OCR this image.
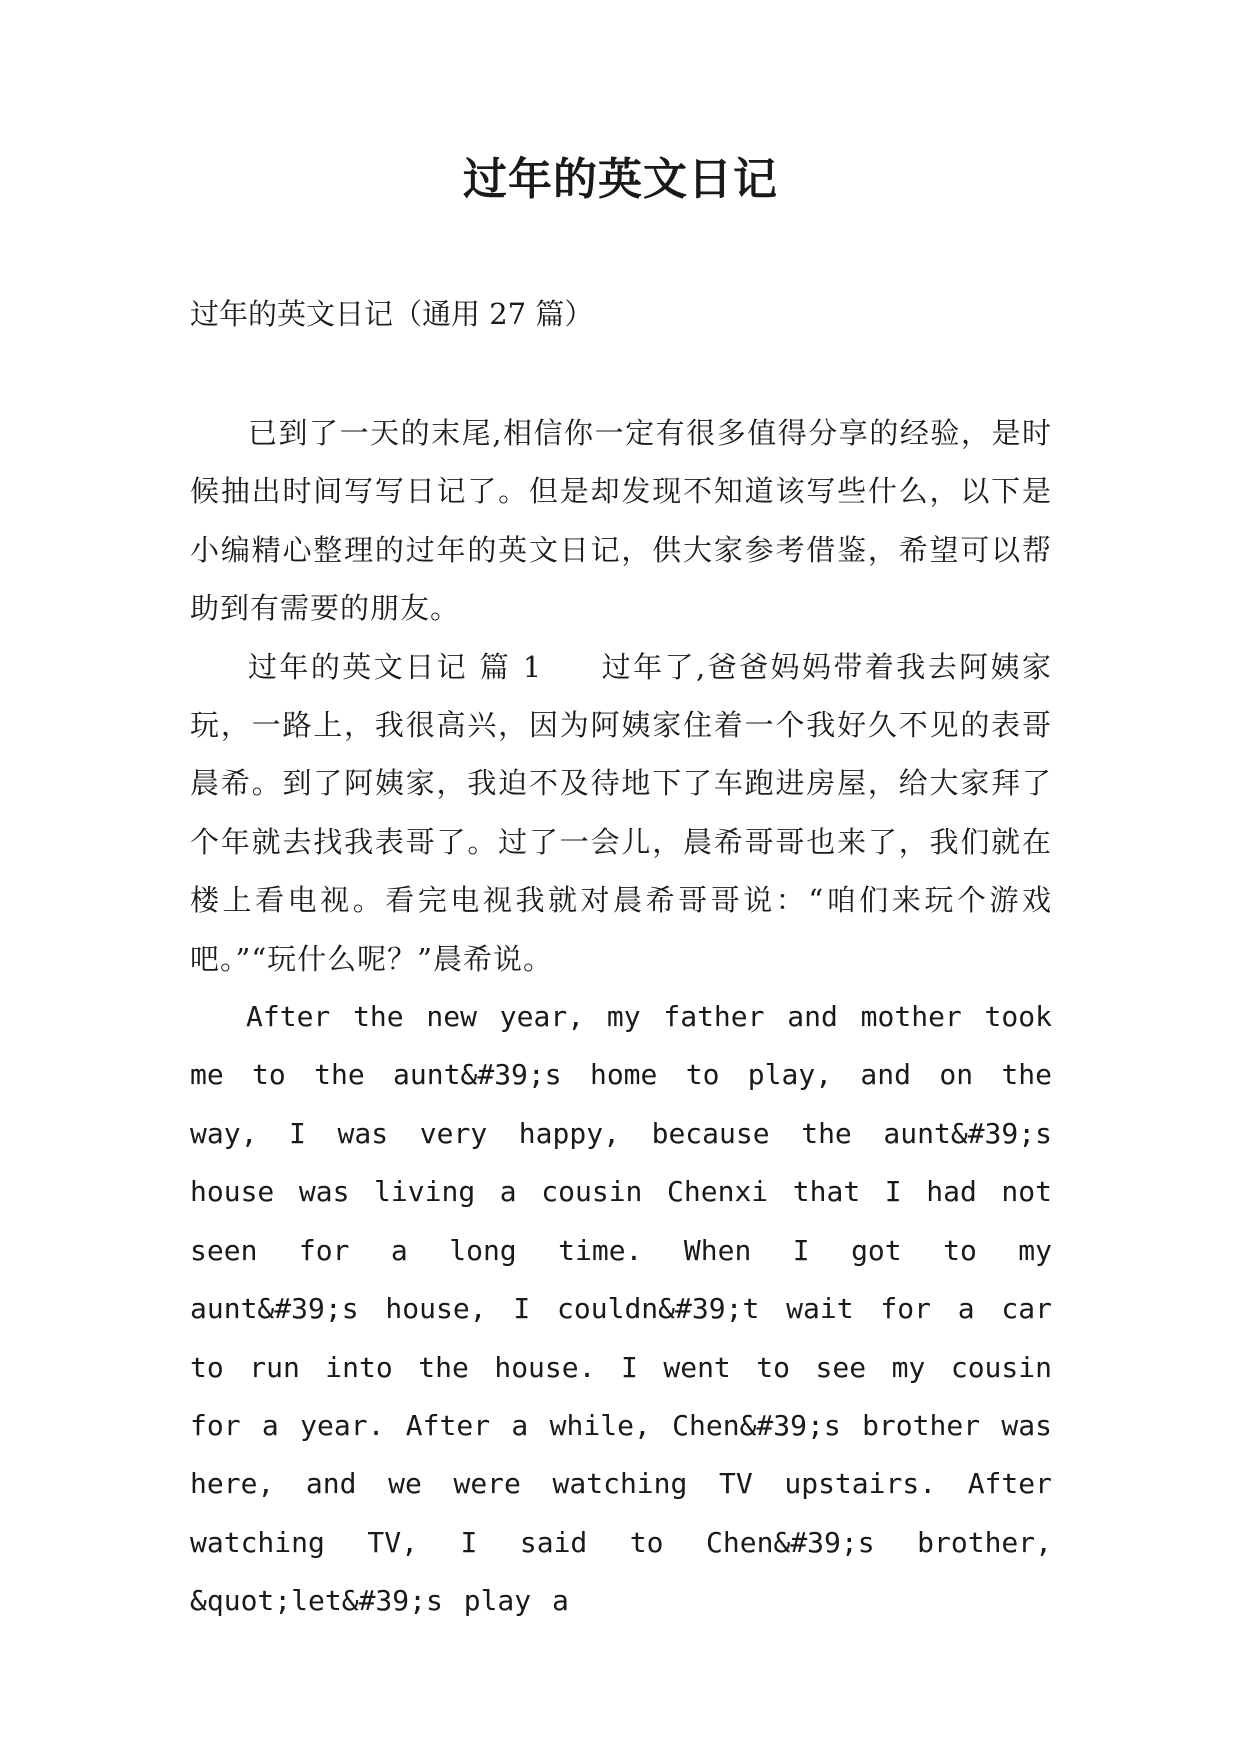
过年的英文日记
过年的英文日记（通用 27 篇）

已到了一天的末尾,相信你一定有很多值得分享的经验，是时候抽出时间写写日记了。但是却发现不知道该写些什么，以下是小编精心整理的过年的英文日记，供大家参考借鉴，希望可以帮助到有需要的朋友。

过年的英文日记 篇 1 过年了,爸爸妈妈带着我去阿姨家玩，一路上，我很高兴，因为阿姨家住着一个我好久不见的表哥晨希。到了阿姨家，我迫不及待地下了车跑进房屋，给大家拜了个年就去找我表哥了。过了一会儿，晨希哥哥也来了，我们就在楼上看电视。看完电视我就对晨希哥哥说：“咱们来玩个游戏吧。”“玩什么呢？”晨希说。

After the new year, my father and mother took me to the aunt&#39;s home to play, and on the way, I was very happy, because the aunt&#39;s house was living a cousin Chenxi that I had not seen for a long time. When I got to my aunt&#39;s house, I couldn&#39;t wait for a car to run into the house. I went to see my cousin for a year. After a while, Chen&#39;s brother was here, and we were watching TV upstairs. After watching TV, I said to Chen&#39;s brother, &quot;let&#39;s play a
